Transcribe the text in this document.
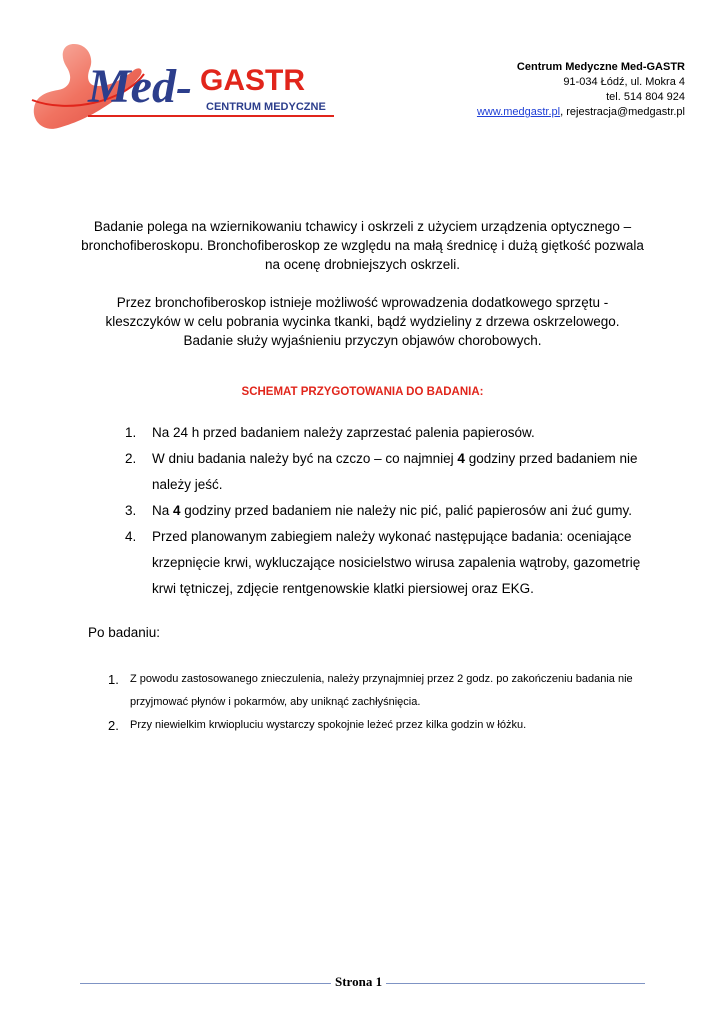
Med- GASTR
CENTRUM MEDYCZNE
Centrum Medyczne Med-GASTR
91-034 Łódź, ul. Mokra 4
tel. 514 804 924
www.medgastr.pl, rejestracja@medgastr.pl

Badanie polega na wziernikowaniu tchawicy i oskrzeli z użyciem urządzenia optycznego – bronchofiberoskopu. Bronchofiberoskop ze względu na małą średnicę i dużą giętkość pozwala na ocenę drobniejszych oskrzeli.

Przez bronchofiberoskop istnieje możliwość wprowadzenia dodatkowego sprzętu - kleszczyków w celu pobrania wycinka tkanki, bądź wydzieliny z drzewa oskrzelowego. Badanie służy wyjaśnieniu przyczyn objawów chorobowych.

SCHEMAT PRZYGOTOWANIA DO BADANIA:
1. Na 24 h przed badaniem należy zaprzestać palenia papierosów.
2. W dniu badania należy być na czczo – co najmniej 4 godziny przed badaniem nie należy jeść.
3. Na 4 godziny przed badaniem nie należy nic pić, palić papierosów ani żuć gumy.
4. Przed planowanym zabiegiem należy wykonać następujące badania: oceniające krzepnięcie krwi, wykluczające nosicielstwo wirusa zapalenia wątroby, gazometrię krwi tętniczej, zdjęcie rentgenowskie klatki piersiowej oraz EKG.
Po badaniu:
1. Z powodu zastosowanego znieczulenia, należy przynajmniej przez 2 godz. po zakończeniu badania nie przyjmować płynów i pokarmów, aby uniknąć zachłyśnięcia.
2. Przy niewielkim krwiopluciu wystarczy spokojnie leżeć przez kilka godzin w łóżku.
Strona 1
